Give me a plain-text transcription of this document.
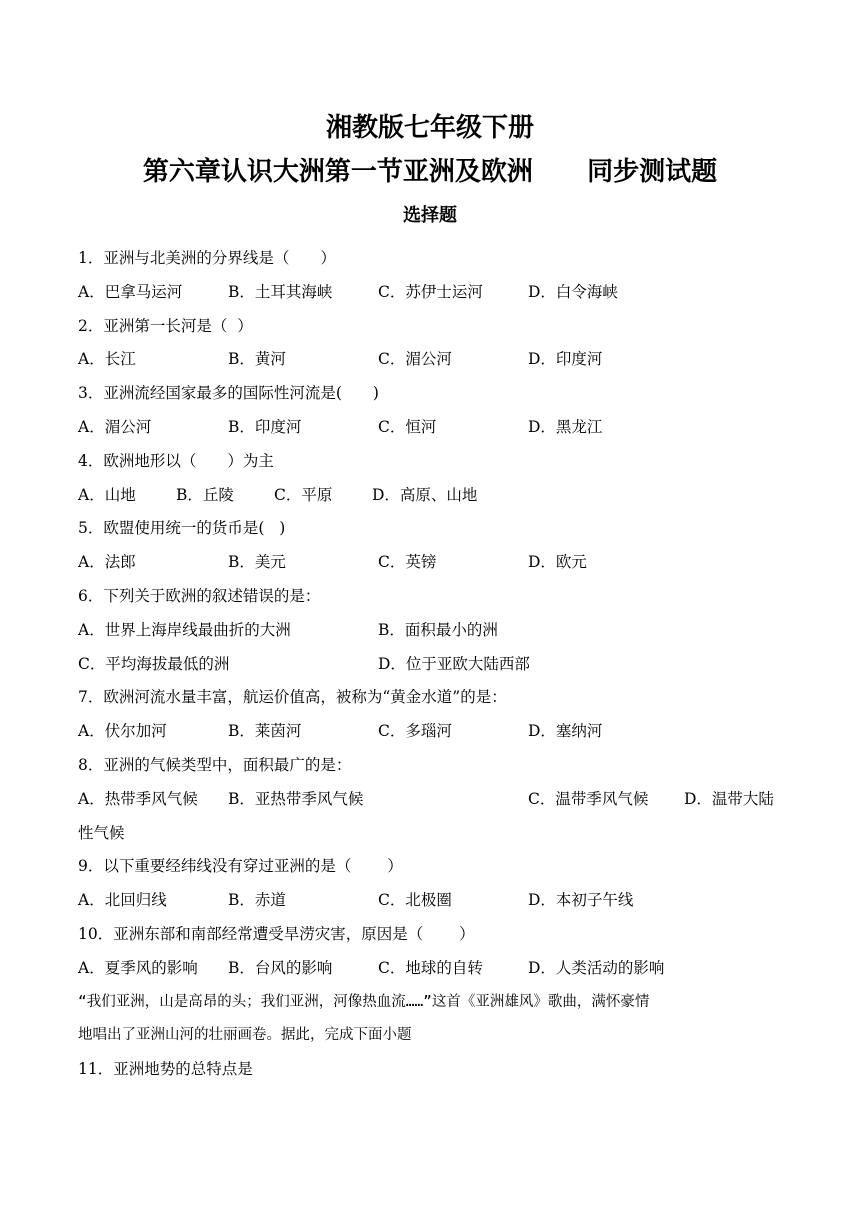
湘教版七年级下册
第六章认识大洲第一节亚洲及欧洲      同步测试题
选择题
1．亚洲与北美洲的分界线是（　　）
A．巴拿马运河	B．土耳其海峡	C．苏伊士运河	D．白令海峡
2．亚洲第一长河是（  ）
A．长江	B．黄河	C．湄公河	D．印度河
3．亚洲流经国家最多的国际性河流是(　　)
A．湄公河	B．印度河	C．恒河	D．黑龙江
4．欧洲地形以（　　）为主
A．山地	B．丘陵	C．平原	D．高原、山地
5．欧盟使用统一的货币是(   )
A．法郎	B．美元	C．英镑	D．欧元
6．下列关于欧洲的叙述错误的是：
A．世界上海岸线最曲折的大洲	B．面积最小的洲
C．平均海拔最低的洲	D．位于亚欧大陆西部
7．欧洲河流水量丰富，航运价值高，被称为“黄金水道”的是：
A．伏尔加河	B．莱茵河	C．多瑙河	D．塞纳河
8．亚洲的气候类型中，面积最广的是：
A．热带季风气候 B．亚热带季风气候	C．温带季风气候 D．温带大陆
性气候
9．以下重要经纬线没有穿过亚洲的是（　　 ）
A．北回归线	B．赤道	C．北极圈	D．本初子午线
10．亚洲东部和南部经常遭受旱涝灾害，原因是（　　 ）
A．夏季风的影响 B．台风的影响	C．地球的自转	D．人类活动的影响
“我们亚洲，山是高昂的头；我们亚洲，河像热血流……”这首《亚洲雄风》歌曲，满怀豪情
地唱出了亚洲山河的壮丽画卷。据此，完成下面小题
11．亚洲地势的总特点是
